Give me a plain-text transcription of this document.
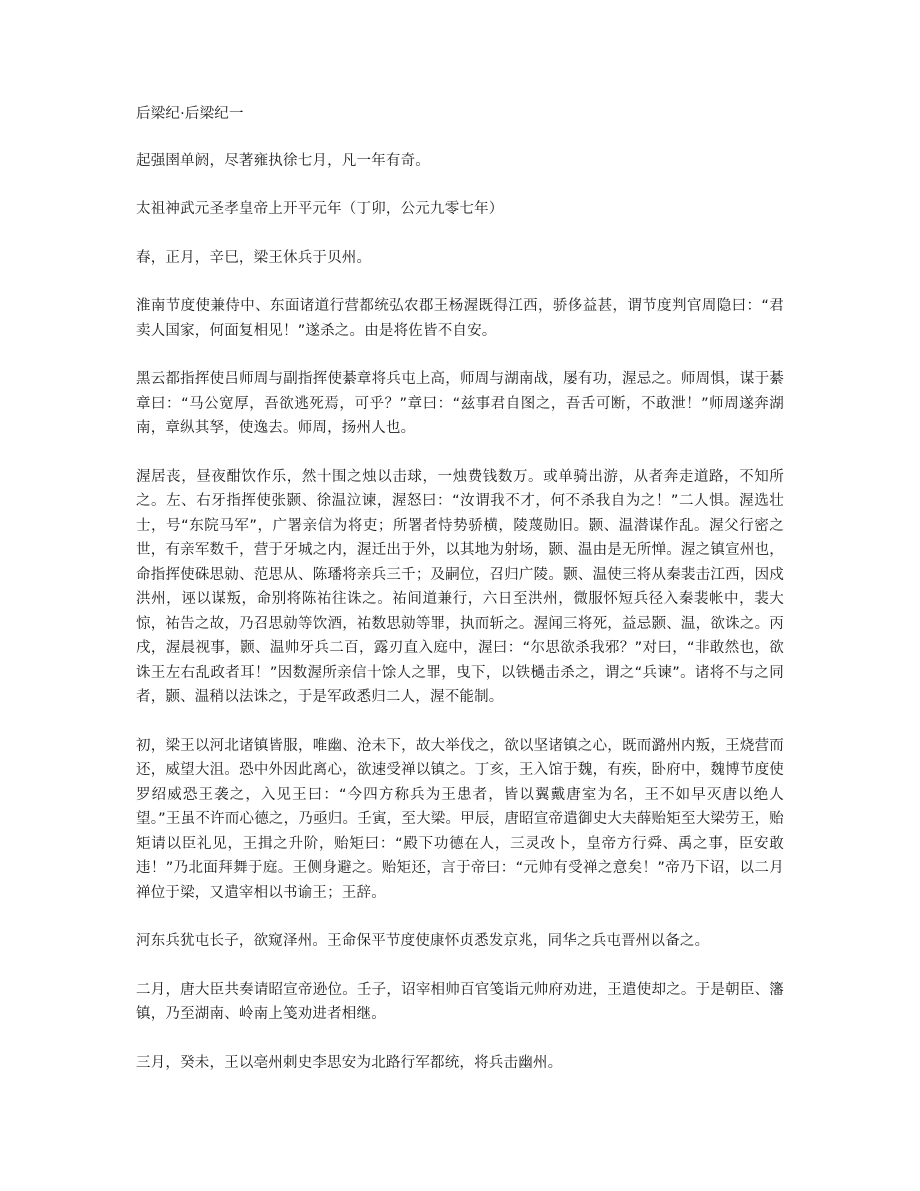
后梁纪·后梁纪一

起强圉单阏，尽著雍执徐七月，凡一年有奇。

太祖神武元圣孝皇帝上开平元年（丁卯，公元九零七年）

春，正月，辛巳，梁王休兵于贝州。

淮南节度使兼侍中、东面诸道行营都统弘农郡王杨渥既得江西，骄侈益甚，谓节度判官周隐曰：“君卖人国家，何面复相见！”遂杀之。由是将佐皆不自安。

黑云都指挥使吕师周与副指挥使綦章将兵屯上高，师周与湖南战，屡有功，渥忌之。师周惧，谋于綦章曰：“马公宽厚，吾欲逃死焉，可乎？”章曰：“兹事君自图之，吾舌可断，不敢泄！”师周遂奔湖南，章纵其孥，使逸去。师周，扬州人也。

渥居丧，昼夜酣饮作乐，然十围之烛以击球，一烛费钱数万。或单骑出游，从者奔走道路，不知所之。左、右牙指挥使张颢、徐温泣谏，渥怒曰：“汝谓我不才，何不杀我自为之！”二人惧。渥选壮士，号“东院马军”，广署亲信为将吏；所署者恃势骄横，陵蔑勋旧。颢、温潜谋作乱。渥父行密之世，有亲军数千，营于牙城之内，渥迁出于外，以其地为射场，颢、温由是无所惮。渥之镇宣州也，命指挥使硃思勍、范思从、陈璠将亲兵三千；及嗣位，召归广陵。颢、温使三将从秦裴击江西，因戍洪州，诬以谋叛，命别将陈祐往诛之。祐间道兼行，六日至洪州，微服怀短兵径入秦裴帐中，裴大惊，祐告之故，乃召思勍等饮酒，祐数思勍等罪，执而斩之。渥闻三将死，益忌颢、温，欲诛之。丙戌，渥晨视事，颢、温帅牙兵二百，露刃直入庭中，渥曰：“尔思欲杀我邪？”对曰，“非敢然也，欲诛王左右乱政者耳！”因数渥所亲信十馀人之罪，曳下，以铁檛击杀之，谓之“兵谏”。诸将不与之同者，颢、温稍以法诛之，于是军政悉归二人，渥不能制。

初，梁王以河北诸镇皆服，唯幽、沧未下，故大举伐之，欲以坚诸镇之心，既而潞州内叛，王烧营而还，威望大沮。恐中外因此离心，欲速受禅以镇之。丁亥，王入馆于魏，有疾，卧府中，魏博节度使罗绍威恐王袭之，入见王曰：“今四方称兵为王患者，皆以翼戴唐室为名，王不如早灭唐以绝人望。”王虽不许而心德之，乃亟归。壬寅，至大梁。甲辰，唐昭宣帝遣御史大夫薛贻矩至大梁劳王，贻矩请以臣礼见，王揖之升阶，贻矩曰：“殿下功德在人，三灵改卜，皇帝方行舜、禹之事，臣安敢违！”乃北面拜舞于庭。王侧身避之。贻矩还，言于帝曰：“元帅有受禅之意矣！”帝乃下诏，以二月禅位于梁，又遣宰相以书谕王；王辞。

河东兵犹屯长子，欲窥泽州。王命保平节度使康怀贞悉发京兆，同华之兵屯晋州以备之。

二月，唐大臣共奏请昭宣帝逊位。壬子，诏宰相帅百官笺诣元帅府劝进，王遣使却之。于是朝臣、籓镇，乃至湖南、岭南上笺劝进者相继。

三月，癸未，王以亳州刺史李思安为北路行军都统，将兵击幽州。
